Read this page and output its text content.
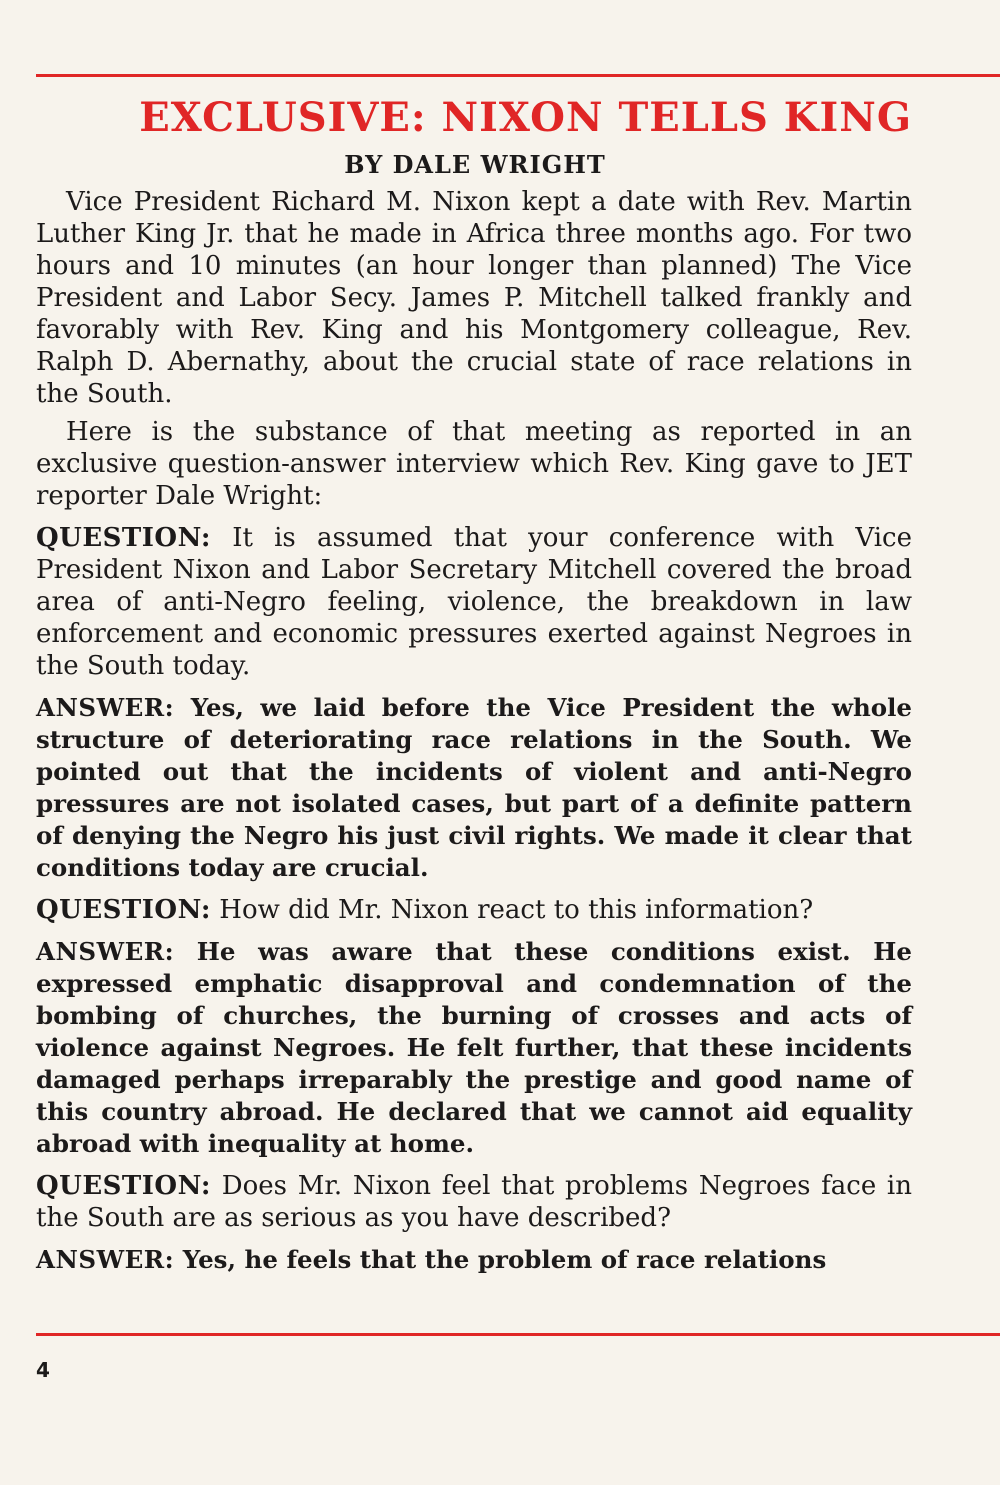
EXCLUSIVE: NIXON TELLS KING
BY DALE WRIGHT

Vice President Richard M. Nixon kept a date with Rev. Martin Luther King Jr. that he made in Africa three months ago. For two hours and 10 minutes (an hour longer than planned) The Vice President and Labor Secy. James P. Mitchell talked frankly and favorably with Rev. King and his Montgomery colleague, Rev. Ralph D. Abernathy, about the crucial state of race relations in the South.

Here is the substance of that meeting as reported in an exclusive question-answer interview which Rev. King gave to JET reporter Dale Wright:

QUESTION: It is assumed that your conference with Vice President Nixon and Labor Secretary Mitchell covered the broad area of anti-Negro feeling, violence, the breakdown in law enforcement and economic pressures exerted against Negroes in the South today.

ANSWER: Yes, we laid before the Vice President the whole structure of deteriorating race relations in the South. We pointed out that the incidents of violent and anti-Negro pressures are not isolated cases, but part of a definite pattern of denying the Negro his just civil rights. We made it clear that conditions today are crucial.

QUESTION: How did Mr. Nixon react to this information?

ANSWER: He was aware that these conditions exist. He expressed emphatic disapproval and condemnation of the bombing of churches, the burning of crosses and acts of violence against Negroes. He felt further, that these incidents damaged perhaps irreparably the prestige and good name of this country abroad. He declared that we cannot aid equality abroad with inequality at home.

QUESTION: Does Mr. Nixon feel that problems Negroes face in the South are as serious as you have described?

ANSWER: Yes, he feels that the problem of race relations

4
